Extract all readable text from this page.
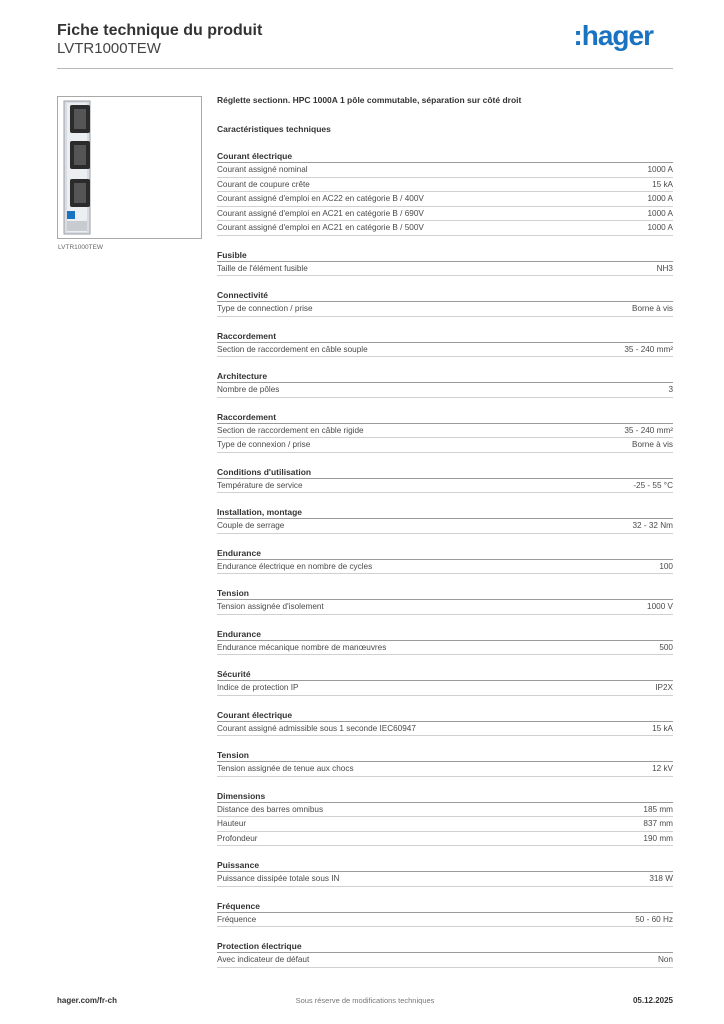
Fiche technique du produit
LVTR1000TEW	:hager
LVTR1000TEW
Réglette sectionn. HPC 1000A 1 pôle commutable, séparation sur côté droit
Caractéristiques techniques
Courant électrique
Courant assigné nominal	1000 A
Courant de coupure crête	15 kA
Courant assigné d'emploi en AC22 en catégorie B / 400V	1000 A
Courant assigné d'emploi en AC21 en catégorie B / 690V	1000 A
Courant assigné d'emploi en AC21 en catégorie B / 500V	1000 A
Fusible
Taille de l'élément fusible	NH3
Connectivité
Type de connection / prise	Borne à vis
Raccordement
Section de raccordement en câble souple	35 - 240 mm²
Architecture
Nombre de pôles	3
Raccordement
Section de raccordement en câble rigide	35 - 240 mm²
Type de connexion / prise	Borne à vis
Conditions d'utilisation
Température de service	-25 - 55 °C
Installation, montage
Couple de serrage	32 - 32 Nm
Endurance
Endurance électrique en nombre de cycles	100
Tension
Tension assignée d'isolement	1000 V
Endurance
Endurance mécanique nombre de manœuvres	500
Sécurité
Indice de protection IP	IP2X
Courant électrique
Courant assigné admissible sous 1 seconde IEC60947	15 kA
Tension
Tension assignée de tenue aux chocs	12 kV
Dimensions
Distance des barres omnibus	185 mm
Hauteur	837 mm
Profondeur	190 mm
Puissance
Puissance dissipée totale sous IN	318 W
Fréquence
Fréquence	50 - 60 Hz
Protection électrique
Avec indicateur de défaut	Non
Sous réserve de modifications techniques
hager.com/fr-ch	05.12.2025
